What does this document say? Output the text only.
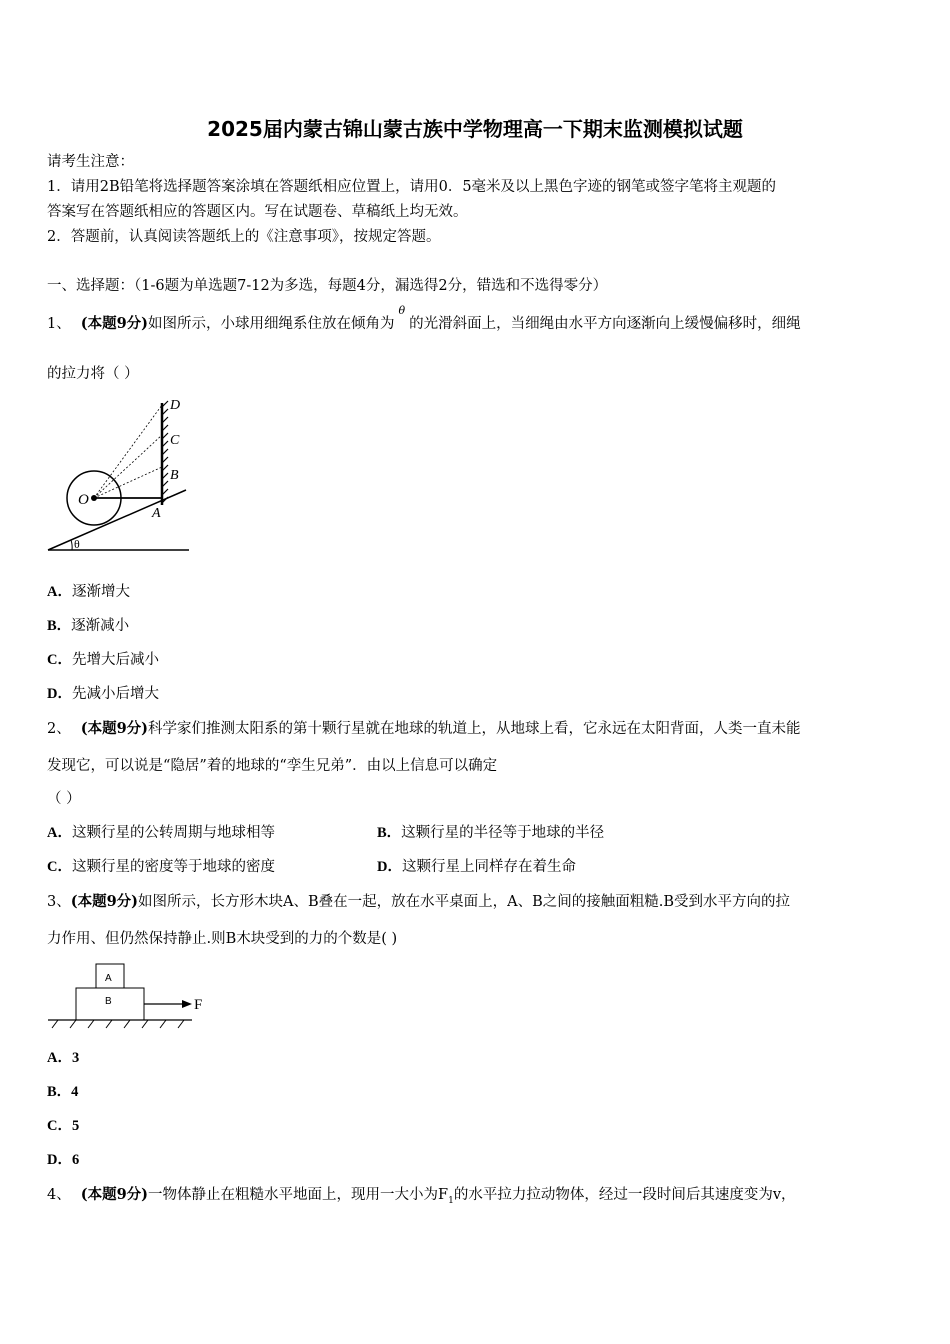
2025届内蒙古锦山蒙古族中学物理高一下期末监测模拟试题
请考生注意：
1．请用2B铅笔将选择题答案涂填在答题纸相应位置上，请用0．5毫米及以上黑色字迹的钢笔或签字笔将主观题的
答案写在答题纸相应的答题区内。写在试题卷、草稿纸上均无效。
2．答题前，认真阅读答题纸上的《注意事项》，按规定答题。
一、选择题：（1-6题为单选题7-12为多选，每题4分，漏选得2分，错选和不选得零分）
1、 (本题9分)如图所示，小球用细绳系住放在倾角为$^\theta$的光滑斜面上，当细绳由水平方向逐渐向上缓慢偏移时，细绳
的拉力将（ ）
D
C
B
A
O
θ
A．逐渐增大
B．逐渐减小
C．先增大后减小
D．先减小后增大
2、 (本题9分)科学家们推测太阳系的第十颗行星就在地球的轨道上，从地球上看，它永远在太阳背面，人类一直未能
发现它，可以说是“隐居”着的地球的“孪生兄弟”．由以上信息可以确定
（ ）
A．这颗行星的公转周期与地球相等	B．这颗行星的半径等于地球的半径
C．这颗行星的密度等于地球的密度	D．这颗行星上同样存在着生命
3、(本题9分)如图所示，长方形木块A、B叠在一起，放在水平桌面上，A、B之间的接触面粗糙.B受到水平方向的拉
力作用、但仍然保持静止.则B木块受到的力的个数是( )
A
B	F
A．3
B．4
C．5
D．6
4、 (本题9分)一物体静止在粗糙水平地面上，现用一大小为$F_1$的水平拉力拉动物体，经过一段时间后其速度变为v，
